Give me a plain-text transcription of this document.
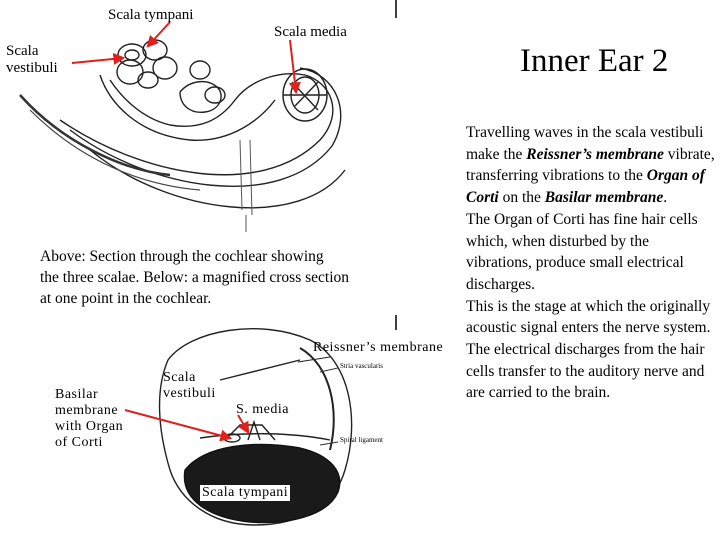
Scala tympani
Scala media
Scala
vestibuli	Inner Ear 2
Above: Section through the cochlear showing
the three scalae. Below: a magnified cross section
at one point in the cochlear.
Reissner’s membrane
Scala
vestibuli
Basilar
membrane
with Organ
of Corti
S. media
Scala tympani
Stria vascularis
Spiral ligament
Travelling waves in the scala vestibuli make the Reissner’s membrane vibrate, transferring vibrations to the Organ of Corti on the Basilar membrane.
The Organ of Corti has fine hair cells which, when disturbed by the vibrations, produce small electrical discharges.
This is the stage at which the originally acoustic signal enters the nerve system.
The electrical discharges from the hair cells transfer to the auditory nerve and are carried to the brain.
